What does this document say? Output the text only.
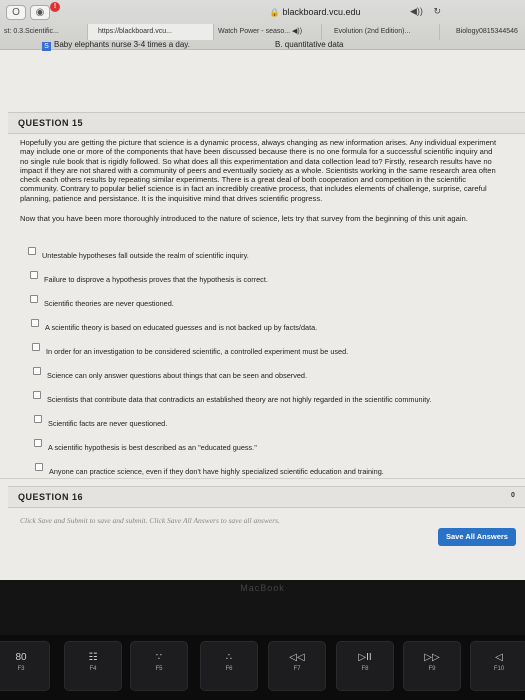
O	◉
!
🔒 blackboard.vcu.edu	◀)) ↻
st: 0.3.Scientific...	https://blackboard.vcu...	Watch Power - seaso... ◀))	Evolution (2nd Edition)...	Biology0815344546
S Baby elephants nurse 3-4 times a day.	B. quantitative data
QUESTION 15
Hopefully you are getting the picture that science is a dynamic process, always changing as new information arises. Any individual experiment may include one or more of the components that have been discussed because there is no one formula for a successful scientific inquiry and no single rule book that is rigidly followed. So what does all this experimentation and data collection lead to? Firstly, research results have no impact if they are not shared with a community of peers and eventually society as a whole. Scientists working in the same research area often check each others results by repeating similar experiments. There is a great deal of both cooperation and competition in the scientific community. Contrary to popular belief science is in fact an incredibly creative process, that includes elements of challenge, surprise, careful planning, patience and persistance. It is the inquisitive mind that drives scientific progress.
Now that you have been more thoroughly introduced to the nature of science, lets try that survey from the beginning of this unit again.
Untestable hypotheses fall outside the realm of scientific inquiry.
Failure to disprove a hypothesis proves that the hypothesis is correct.
Scientific theories are never questioned.
A scientific theory is based on educated guesses and is not backed up by facts/data.
In order for an investigation to be considered scientific, a controlled experiment must be used.
Science can only answer questions about things that can be seen and observed.
Scientists that contribute data that contradicts an established theory are not highly regarded in the scientific community.
Scientific facts are never questioned.
A scientific hypothesis is best described as an "educated guess."
Anyone can practice science, even if they don't have highly specialized scientific education and training.
QUESTION 16	0
Click Save and Submit to save and submit. Click Save All Answers to save all answers.
Save All Answers
MacBook
80
F3
☷
F4
∵
F5
∴
F6
◁◁
F7
▷II
F8
▷▷
F9
◁
F10
